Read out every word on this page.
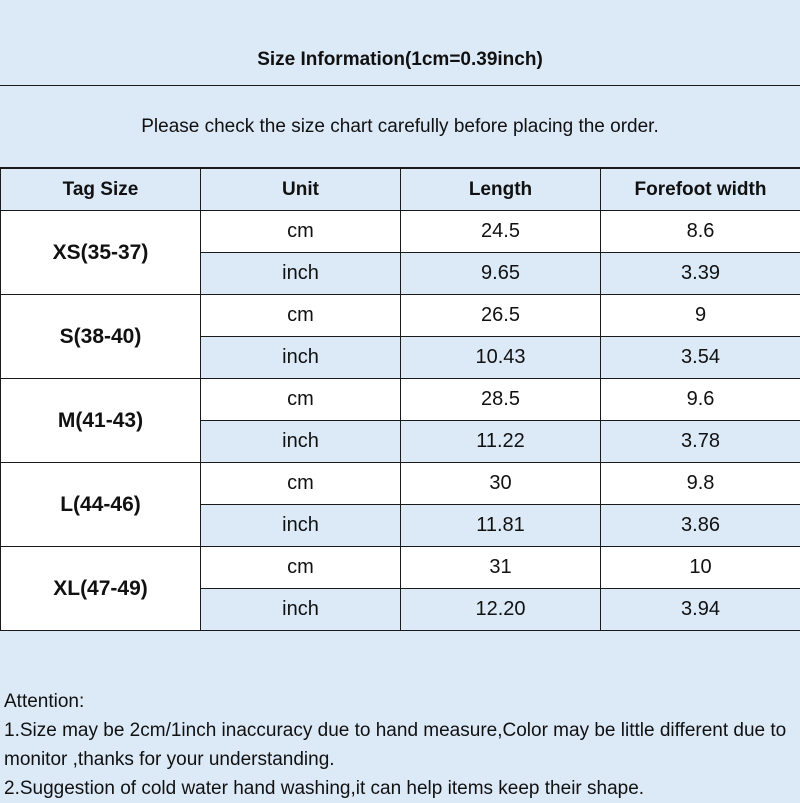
Size Information(1cm=0.39inch)
Please check the size chart carefully before placing the order.
Tag Size	Unit	Length	Forefoot width
XS(35-37)	cm	24.5	8.6
	inch	9.65	3.39
S(38-40)	cm	26.5	9
	inch	10.43	3.54
M(41-43)	cm	28.5	9.6
	inch	11.22	3.78
L(44-46)	cm	30	9.8
	inch	11.81	3.86
XL(47-49)	cm	31	10
	inch	12.20	3.94

Attention:

1.Size may be 2cm/1inch inaccuracy due to hand measure,Color may be little different due to monitor ,thanks for your understanding.

2.Suggestion of cold water hand washing,it can help items keep their shape.
